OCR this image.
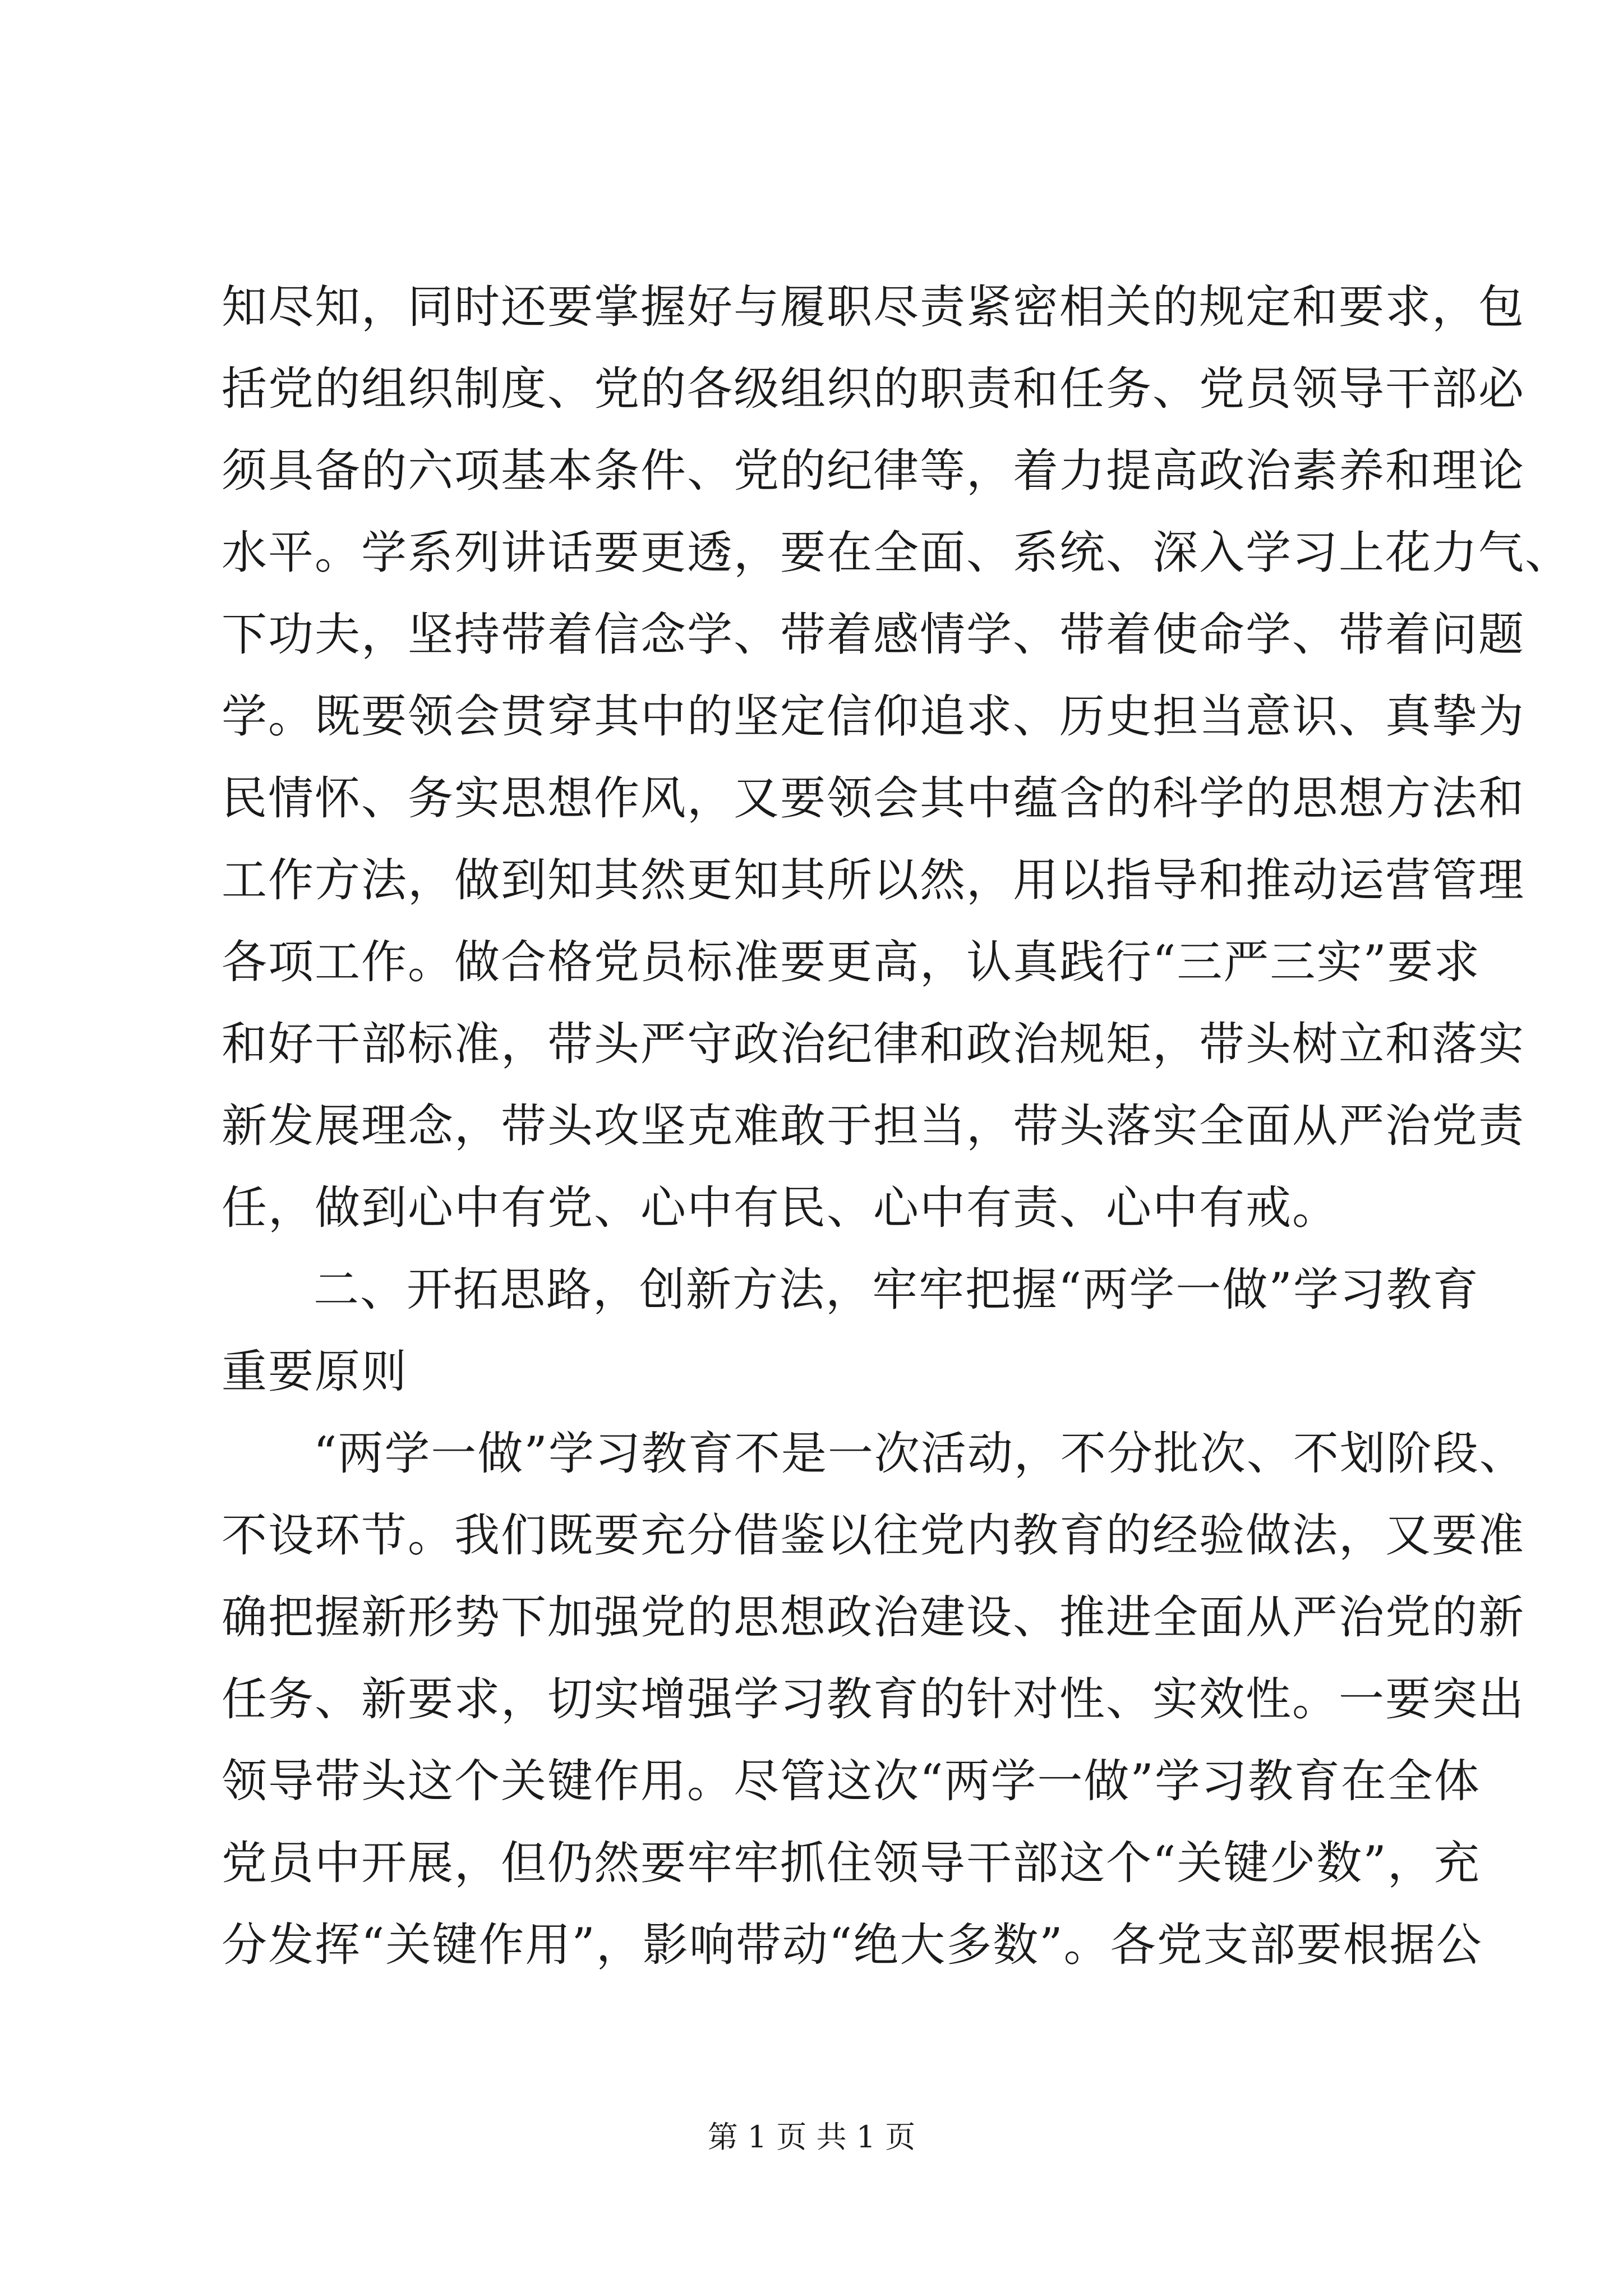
知尽知，同时还要掌握好与履职尽责紧密相关的规定和要求，包
括党的组织制度、党的各级组织的职责和任务、党员领导干部必
须具备的六项基本条件、党的纪律等，着力提高政治素养和理论
水平。学系列讲话要更透，要在全面、系统、深入学习上花力气、
下功夫，坚持带着信念学、带着感情学、带着使命学、带着问题
学。既要领会贯穿其中的坚定信仰追求、历史担当意识、真挚为
民情怀、务实思想作风，又要领会其中蕴含的科学的思想方法和
工作方法，做到知其然更知其所以然，用以指导和推动运营管理
各项工作。做合格党员标准要更高，认真践行“三严三实”要求
和好干部标准，带头严守政治纪律和政治规矩，带头树立和落实
新发展理念，带头攻坚克难敢于担当，带头落实全面从严治党责
任，做到心中有党、心中有民、心中有责、心中有戒。
二、开拓思路，创新方法，牢牢把握“两学一做”学习教育
重要原则
“两学一做”学习教育不是一次活动，不分批次、不划阶段、
不设环节。我们既要充分借鉴以往党内教育的经验做法，又要准
确把握新形势下加强党的思想政治建设、推进全面从严治党的新
任务、新要求，切实增强学习教育的针对性、实效性。一要突出
领导带头这个关键作用。尽管这次“两学一做”学习教育在全体
党员中开展，但仍然要牢牢抓住领导干部这个“关键少数”，充
分发挥“关键作用”，影响带动“绝大多数”。各党支部要根据公
第 1 页 共 1 页
